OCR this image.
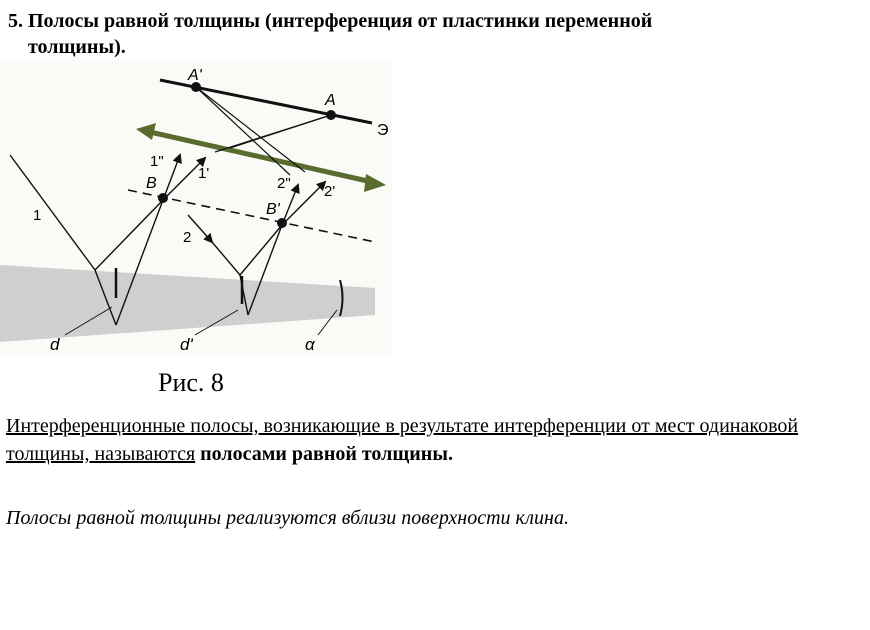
5. Полосы равной толщины (интерференция от пластинки переменной
толщины).
A'
A
Э
1"
1'
B
1
2" 2'
B'
2
d	d'	α
Рис. 8
Интерференционные полосы, возникающие в результате интерференции от мест одинаковой толщины, называются полосами равной толщины.
Полосы равной толщины реализуются вблизи поверхности клина.
